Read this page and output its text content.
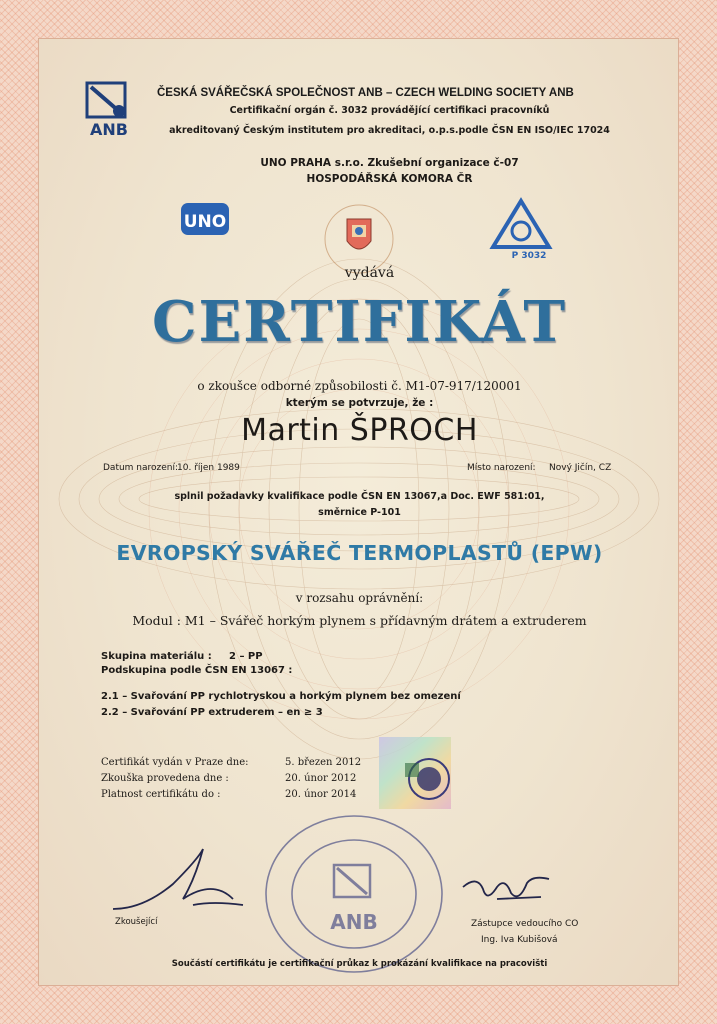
ANB
ČESKÁ SVÁŘEČSKÁ SPOLEČNOST ANB – CZECH WELDING SOCIETY ANB
Certifikační orgán č. 3032 provádějící certifikaci pracovníků
akreditovaný Českým institutem pro akreditaci, o.p.s.podle ČSN EN ISO/IEC 17024
UNO PRAHA s.r.o. Zkušební organizace č-07
HOSPODÁŘSKÁ KOMORA ČR
UNO
P 3032
vydává
CERTIFIKÁT
o zkoušce odborné způsobilosti č. M1-07-917/120001
kterým se potvrzuje, že :
Martin ŠPROCH
Datum narození:
10. říjen 1989	Místo narození: Nový Jičín, CZ
splnil požadavky kvalifikace podle ČSN EN 13067,a Doc. EWF 581:01,
směrnice P-101
EVROPSKÝ SVÁŘEČ TERMOPLASTŮ (EPW)
v rozsahu oprávnění:
Modul : M1 – Svářeč horkým plynem s přídavným drátem a extruderem
Skupina materiálu : 2 – PP
Podskupina podle ČSN EN 13067 :
2.1 – Svařování PP rychlotryskou a horkým plynem bez omezení
2.2 – Svařování PP extruderem – en ≥ 3
Certifikát vydán v Praze dne:	5. březen 2012
Zkouška provedena dne :	20. únor 2012
Platnost certifikátu do :	20. únor 2014
ANB
Zkoušející	Zástupce vedoucího CO
Ing. Iva Kubišová
Součástí certifikátu je certifikační průkaz k prokázání kvalifikace na pracovišti
